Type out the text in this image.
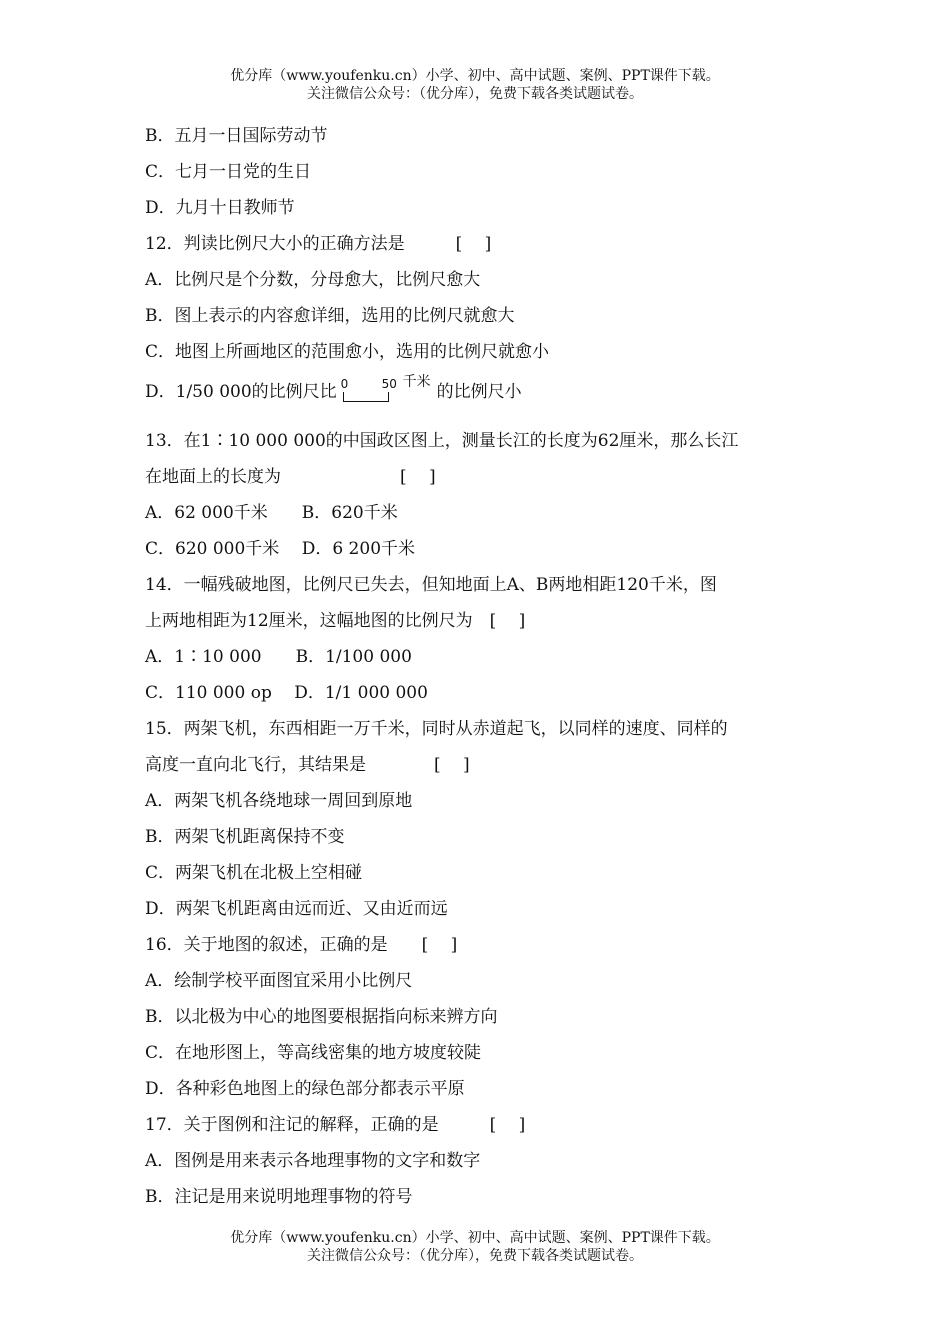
优分库（www.youfenku.cn）小学、初中、高中试题、案例、PPT课件下载。
关注微信公众号：（优分库），免费下载各类试题试卷。
B．五月一日国际劳动节
C．七月一日党的生日
D．九月十日教师节
12．判读比例尺大小的正确方法是　　　[　 ]
A．比例尺是个分数，分母愈大，比例尺愈大
B．图上表示的内容愈详细，选用的比例尺就愈大
C．地图上所画地区的范围愈小，选用的比例尺就愈小
D．1/50 000的比例尺比 0	50 千米
的比例尺小
13．在1∶10 000 000的中国政区图上，测量长江的长度为62厘米，那么长江
在地面上的长度为　　　　　　　[　 ]
A．62 000千米　　B．620千米
C．620 000千米　 D．6 200千米
14．一幅残破地图，比例尺已失去，但知地面上A、B两地相距120千米，图
上两地相距为12厘米，这幅地图的比例尺为　[　 ]
A．1∶10 000　　B．1/100 000
C．110 000 op　 D．1/1 000 000
15．两架飞机，东西相距一万千米，同时从赤道起飞，以同样的速度、同样的
高度一直向北飞行，其结果是　　　　[　 ]
A．两架飞机各绕地球一周回到原地
B．两架飞机距离保持不变
C．两架飞机在北极上空相碰
D．两架飞机距离由远而近、又由近而远
16．关于地图的叙述，正确的是　　[　 ]
A．绘制学校平面图宜采用小比例尺
B．以北极为中心的地图要根据指向标来辨方向
C．在地形图上，等高线密集的地方坡度较陡
D．各种彩色地图上的绿色部分都表示平原
17．关于图例和注记的解释，正确的是　　　[　 ]
A．图例是用来表示各地理事物的文字和数字
B．注记是用来说明地理事物的符号
优分库（www.youfenku.cn）小学、初中、高中试题、案例、PPT课件下载。
关注微信公众号：（优分库），免费下载各类试题试卷。
